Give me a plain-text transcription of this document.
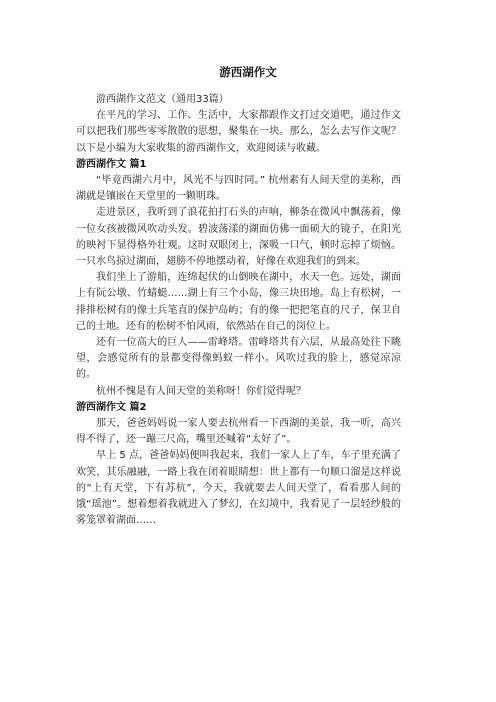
游西湖作文

游西湖作文范文（通用33篇）

在平凡的学习、工作、生活中，大家都跟作文打过交道吧，通过作文可以把我们那些零零散散的思想，聚集在一块。那么，怎么去写作文呢？以下是小编为大家收集的游西湖作文，欢迎阅读与收藏。

游西湖作文 篇1

“毕竟西湖六月中，风光不与四时同。” 杭州素有人间天堂的美称，西湖就是镶嵌在天堂里的一颗明珠。

走进景区，我听到了浪花拍打石头的声响，柳条在微风中飘荡着，像一位女孩被微风吹动头发。碧波荡漾的湖面仿佛一面硕大的镜子，在阳光的映衬下显得格外壮观。这时双眼闭上，深吸一口气，顿时忘掉了烦恼。一只水鸟掠过湖面，翅膀不停地摆动着，好像在欢迎我们的到来。

我们坐上了游船，连绵起伏的山倒映在湖中，水天一色。远处，湖面上有阮公墩、竹蜻蜓……湖上有三个小岛，像三块田地。岛上有松树，一排排松树有的像士兵笔直的保护岛屿；有的像一把把笔直的尺子，保卫自己的土地。还有的松树不怕风雨，依然站在自己的岗位上。

还有一位高大的巨人——雷峰塔。雷峰塔共有六层，从最高处往下眺望，会感觉所有的景都变得像蚂蚁一样小。风吹过我的脸上，感觉凉凉的。

杭州不愧是有人间天堂的美称呀！你们觉得呢？

游西湖作文 篇2

那天，爸爸妈妈说一家人要去杭州看一下西湖的美景，我一听，高兴得不得了，还一蹦三尺高，嘴里还喊着“太好了”。

早上 5 点，爸爸妈妈便叫我起来，我们一家人上了车，车子里充满了欢笑，其乐融融，一路上我在闭着眼睛想：世上都有一句顺口溜是这样说的“上有天堂，下有苏杭”，今天，我就要去人间天堂了，看看那人间的饿“瑶池”。想着想着我就进入了梦幻，在幻境中，我看见了一层轻纱般的雾笼罩着湖面……
